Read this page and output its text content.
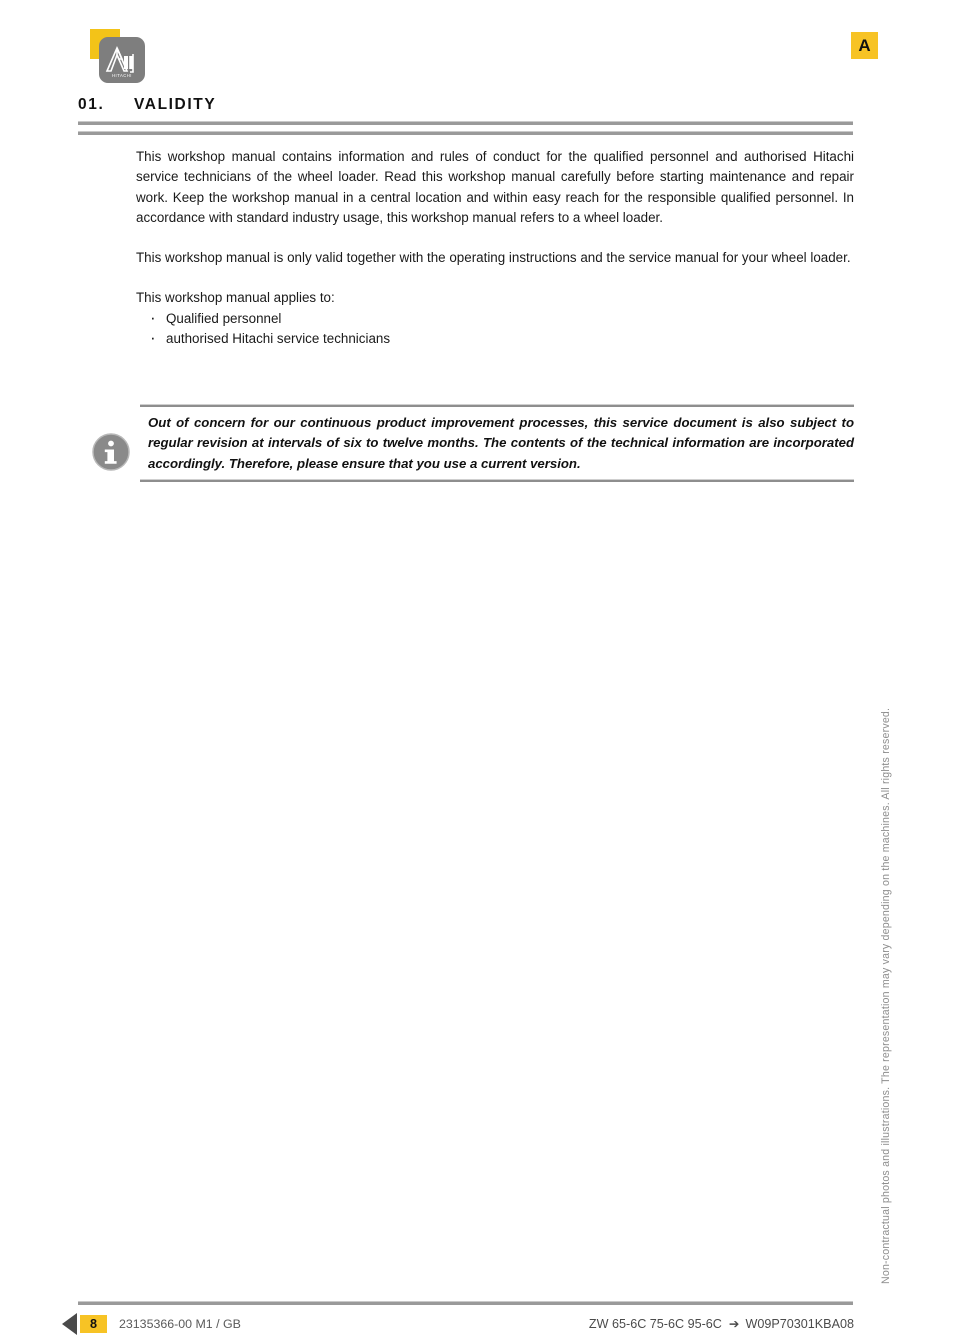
HITACHI
A
01.	VALIDITY

This workshop manual contains information and rules of conduct for the qualified personnel and authorised Hitachi service technicians of the wheel loader. Read this workshop manual carefully before starting maintenance and repair work. Keep the workshop manual in a central location and within easy reach for the responsible qualified personnel. In accordance with standard industry usage, this workshop manual refers to a wheel loader.

This workshop manual is only valid together with the operating instructions and the service manual for your wheel loader.

This workshop manual applies to:

· Qualified personnel
· authorised Hitachi service technicians

Out of concern for our continuous product improvement processes, this service document is also subject to regular revision at intervals of six to twelve months. The contents of the technical information are incorporated accordingly. Therefore, please ensure that you use a current version.

Non-contractual photos and illustrations. The representation may vary depending on the machines. All rights reserved.
8	23135366-00 M1 / GB	ZW 65-6C 75-6C 95-6C ➔ W09P70301KBA08
